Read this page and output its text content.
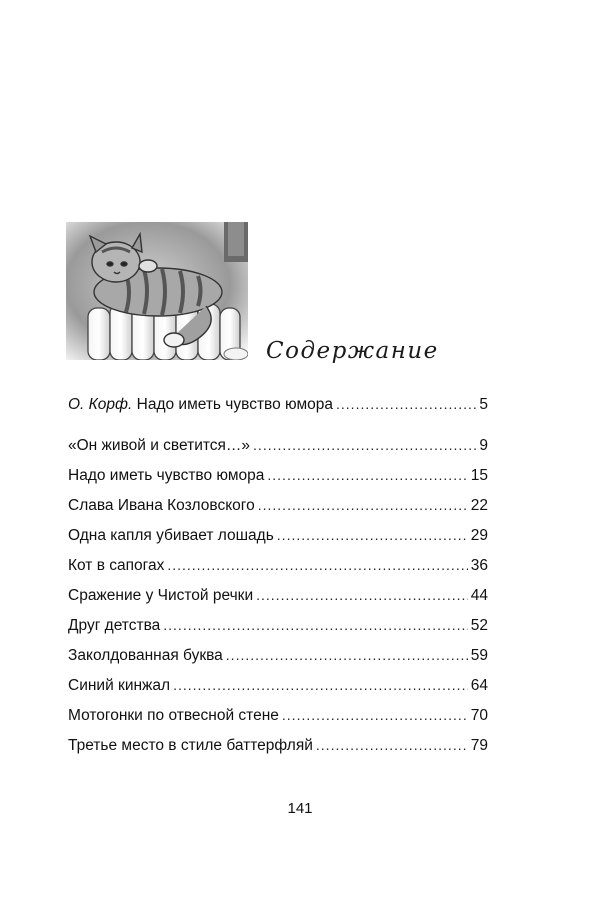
Содержание
О. Корф. Надо иметь чувство юмора .....	5
«Он живой и светится…» .....	9
Надо иметь чувство юмора .....	15
Слава Ивана Козловского .....	22
Одна капля убивает лошадь .....	29
Кот в сапогах .....	36
Сражение у Чистой речки .....	44
Друг детства .....	52
Заколдованная буква .....	59
Синий кинжал .....	64
Мотогонки по отвесной стене .....	70
Третье место в стиле баттерфляй .....	79
141
